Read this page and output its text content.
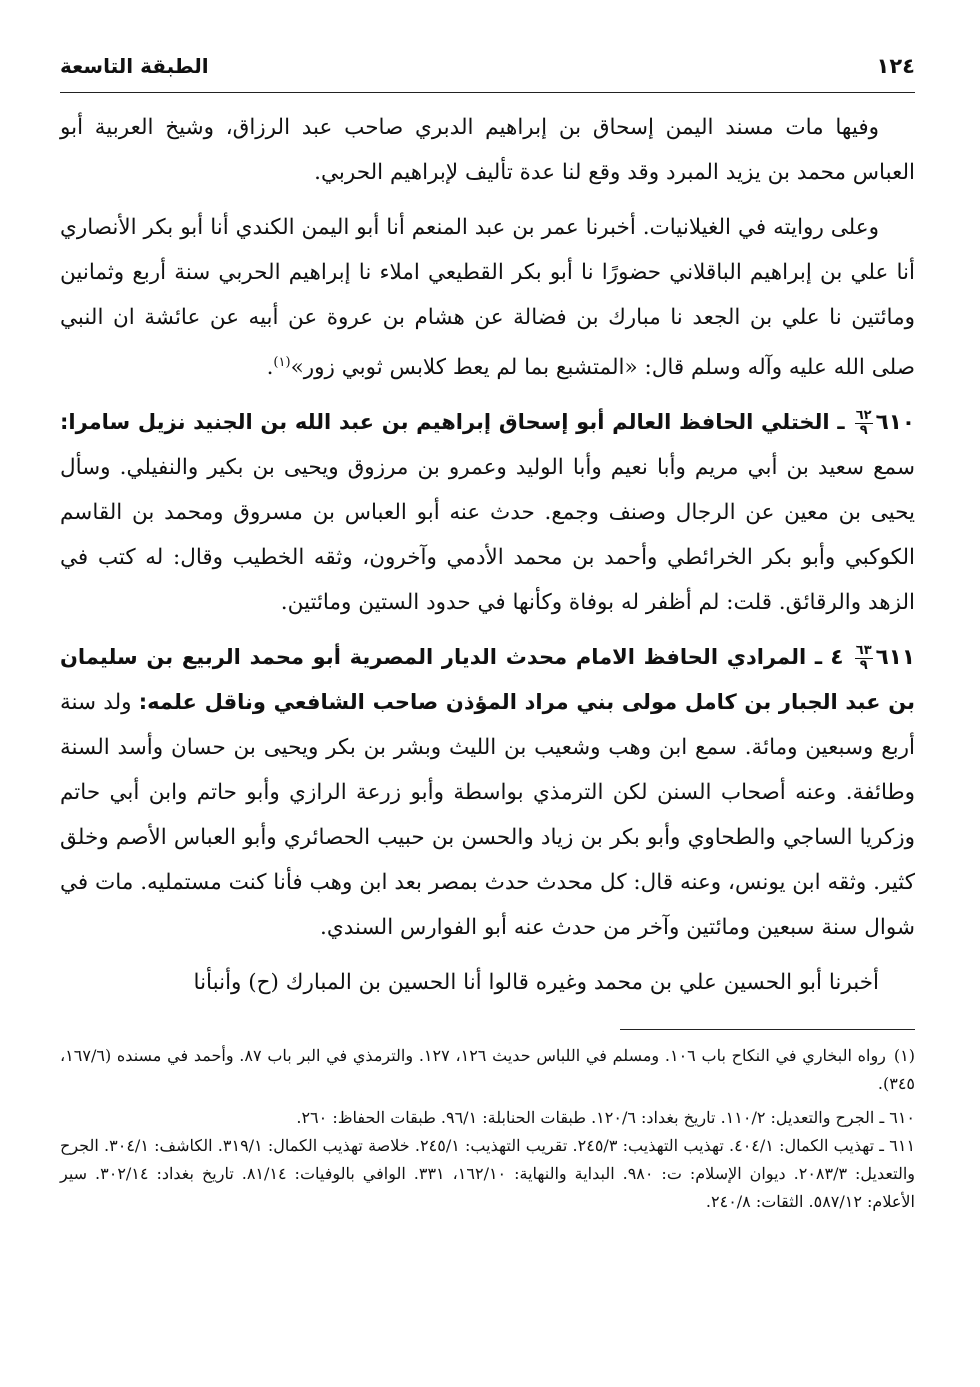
١٢٤
الطبقة التاسعة

وفيها مات مسند اليمن إسحاق بن إبراهيم الدبري صاحب عبد الرزاق، وشيخ العربية أبو العباس محمد بن يزيد المبرد وقد وقع لنا عدة تأليف لإبراهيم الحربي.

وعلى روايته في الغيلانيات. أخبرنا عمر بن عبد المنعم أنا أبو اليمن الكندي أنا أبو بكر الأنصاري أنا علي بن إبراهيم الباقلاني حضورًا نا أبو بكر القطيعي املاء نا إبراهيم الحربي سنة أربع وثمانين ومائتين نا علي بن الجعد نا مبارك بن فضالة عن هشام بن عروة عن أبيه عن عائشة ان النبي صلى الله عليه وآله وسلم قال: «المتشبع بما لم يعط كلابس ثوبي زور»$^{(١)}$.

٦١٠
$\frac{٦٢}{٩}$
ـ الختلي الحافظ العالم أبو إسحاق إبراهيم بن عبد الله بن الجنيد نزيل سامرا: سمع سعيد بن أبي مريم وأبا نعيم وأبا الوليد وعمرو بن مرزوق ويحيى بن بكير والنفيلي. وسأل يحيى بن معين عن الرجال وصنف وجمع. حدث عنه أبو العباس بن مسروق ومحمد بن القاسم الكوكبي وأبو بكر الخرائطي وأحمد بن محمد الأدمي وآخرون، وثقه الخطيب وقال: له كتب في الزهد والرقائق. قلت: لم أظفر له بوفاة وكأنها في حدود الستين ومائتين.

٦١١
$\frac{٦٣}{٩}$
٤ ـ المرادي الحافظ الامام محدث الديار المصرية أبو محمد الربيع بن سليمان بن عبد الجبار بن كامل مولى بني مراد المؤذن صاحب الشافعي وناقل علمه: ولد سنة أربع وسبعين ومائة. سمع ابن وهب وشعيب بن الليث وبشر بن بكر ويحيى بن حسان وأسد السنة وطائفة. وعنه أصحاب السنن لكن الترمذي بواسطة وأبو زرعة الرازي وأبو حاتم وابن أبي حاتم وزكريا الساجي والطحاوي وأبو بكر بن زياد والحسن بن حبيب الحصائري وأبو العباس الأصم وخلق كثير. وثقه ابن يونس، وعنه قال: كل محدث حدث بمصر بعد ابن وهب فأنا كنت مستمليه. مات في شوال سنة سبعين ومائتين وآخر من حدث عنه أبو الفوارس السندي.

أخبرنا أبو الحسين علي بن محمد وغيره قالوا أنا الحسين بن المبارك (ح) وأنبأنا

(١)رواه البخاري في النكاح باب ١٠٦. ومسلم في اللباس حديث ١٢٦، ١٢٧. والترمذي في البر باب ٨٧. وأحمد في مسنده (١٦٧/٦، ٣٤٥).

٦١٠ ـ الجرح والتعديل: ١١٠/٢. تاريخ بغداد: ١٢٠/٦. طبقات الحنابلة: ٩٦/١. طبقات الحفاظ: ٢٦٠.

٦١١ ـ تهذيب الكمال: ٤٠٤/١. تهذيب التهذيب: ٢٤٥/٣. تقريب التهذيب: ٢٤٥/١. خلاصة تهذيب الكمال: ٣١٩/١. الكاشف: ٣٠٤/١. الجرح والتعديل: ٢٠٨٣/٣. ديوان الإسلام: ت: ٩٨٠. البداية والنهاية: ١٦٢/١٠، ٣٣١. الوافي بالوفيات: ٨١/١٤. تاريخ بغداد: ٣٠٢/١٤. سير الأعلام: ٥٨٧/١٢. الثقات: ٢٤٠/٨.
